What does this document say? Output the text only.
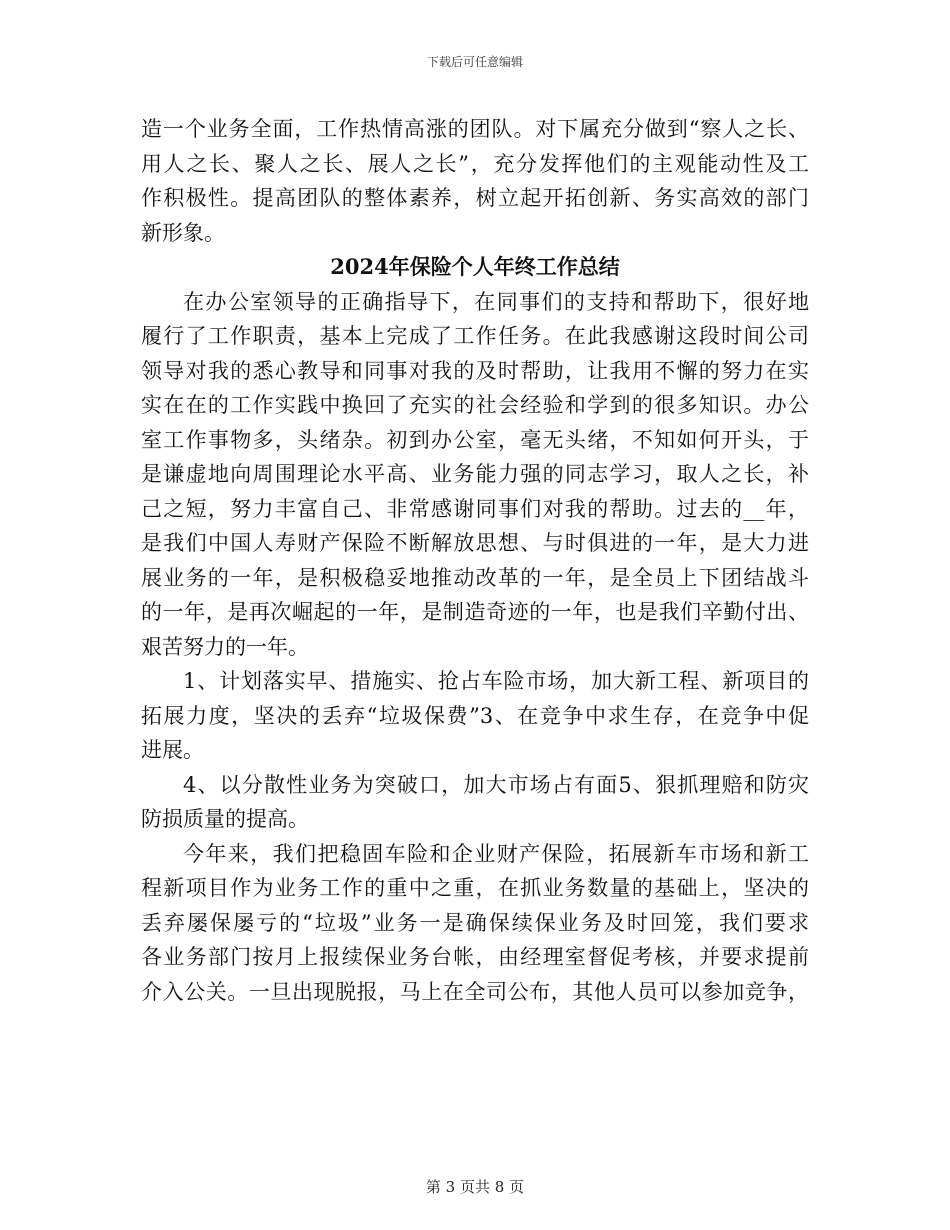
下载后可任意编辑
造一个业务全面，工作热情高涨的团队。对下属充分做到“察人之长、
用人之长、聚人之长、展人之长”，充分发挥他们的主观能动性及工
作积极性。提高团队的整体素养，树立起开拓创新、务实高效的部门
新形象。
2024年保险个人年终工作总结
在办公室领导的正确指导下，在同事们的支持和帮助下，很好地
履行了工作职责，基本上完成了工作任务。在此我感谢这段时间公司
领导对我的悉心教导和同事对我的及时帮助，让我用不懈的努力在实
实在在的工作实践中换回了充实的社会经验和学到的很多知识。办公
室工作事物多，头绪杂。初到办公室，毫无头绪，不知如何开头，于
是谦虚地向周围理论水平高、业务能力强的同志学习，取人之长，补
己之短，努力丰富自己、非常感谢同事们对我的帮助。过去的__年，
是我们中国人寿财产保险不断解放思想、与时俱进的一年，是大力进
展业务的一年，是积极稳妥地推动改革的一年，是全员上下团结战斗
的一年，是再次崛起的一年，是制造奇迹的一年，也是我们辛勤付出、
艰苦努力的一年。
1、计划落实早、措施实、抢占车险市场，加大新工程、新项目的
拓展力度，坚决的丢弃“垃圾保费”3、在竞争中求生存，在竞争中促
进展。
4、以分散性业务为突破口，加大市场占有面5、狠抓理赔和防灾
防损质量的提高。
今年来，我们把稳固车险和企业财产保险，拓展新车市场和新工
程新项目作为业务工作的重中之重，在抓业务数量的基础上，坚决的
丢弃屡保屡亏的“垃圾”业务一是确保续保业务及时回笼，我们要求
各业务部门按月上报续保业务台帐，由经理室督促考核，并要求提前
介入公关。一旦出现脱报，马上在全司公布，其他人员可以参加竞争，
第 3 页共 8 页
